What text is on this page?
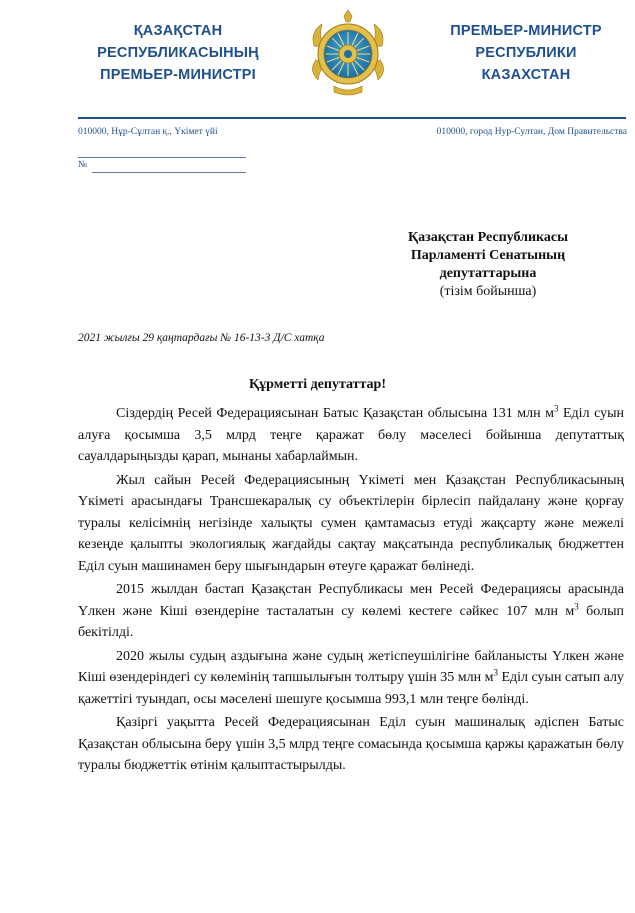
ҚАЗАҚСТАН
РЕСПУБЛИКАСЫНЫҢ
ПРЕМЬЕР-МИНИСТРІ
ПРЕМЬЕР-МИНИСТР
РЕСПУБЛИКИ
КАЗАХСТАН
010000, Нұр-Сұлтан қ., Үкімет үйі	010000, город Нур-Султан, Дом Правительства
№
Қазақстан Республикасы
Парламенті Сенатының
депутаттарына
(тізім бойынша)
2021 жылғы 29 қаңтардағы № 16-13-3 Д/С хатқа
Құрметті депутаттар!

Сіздердің Ресей Федерациясынан Батыс Қазақстан облысына 131 млн $м^3$ Еділ суын алуға қосымша 3,5 млрд теңге қаражат бөлу мәселесі бойынша депутаттық сауалдарыңызды қарап, мынаны хабарлаймын.

Жыл сайын Ресей Федерациясының Үкіметі мен Қазақстан Республикасының Үкіметі арасындағы Трансшекаралық су объектілерін бірлесіп пайдалану және қорғау туралы келісімнің негізінде халықты сумен қамтамасыз етуді жақсарту және межелі кезеңде қалыпты экологиялық жағдайды сақтау мақсатында республикалық бюджеттен Еділ суын машинамен беру шығындарын өтеуге қаражат бөлінеді.

2015 жылдан бастап Қазақстан Республикасы мен Ресей Федерациясы арасында Үлкен және Кіші өзендеріне тасталатын су көлемі кестеге сәйкес 107 млн $м^3$ болып бекітілді.

2020 жылы судың аздығына және судың жетіспеушілігіне байланысты Үлкен және Кіші өзендеріндегі су көлемінің тапшылығын толтыру үшін 35 млн $м^3$ Еділ суын сатып алу қажеттігі туындап, осы мәселені шешуге қосымша 993,1 млн теңге бөлінді.

Қазіргі уақытта Ресей Федерациясынан Еділ суын машиналық әдіспен Батыс Қазақстан облысына беру үшін 3,5 млрд теңге сомасында қосымша қаржы қаражатын бөлу туралы бюджеттік өтінім қалыптастырылды.
